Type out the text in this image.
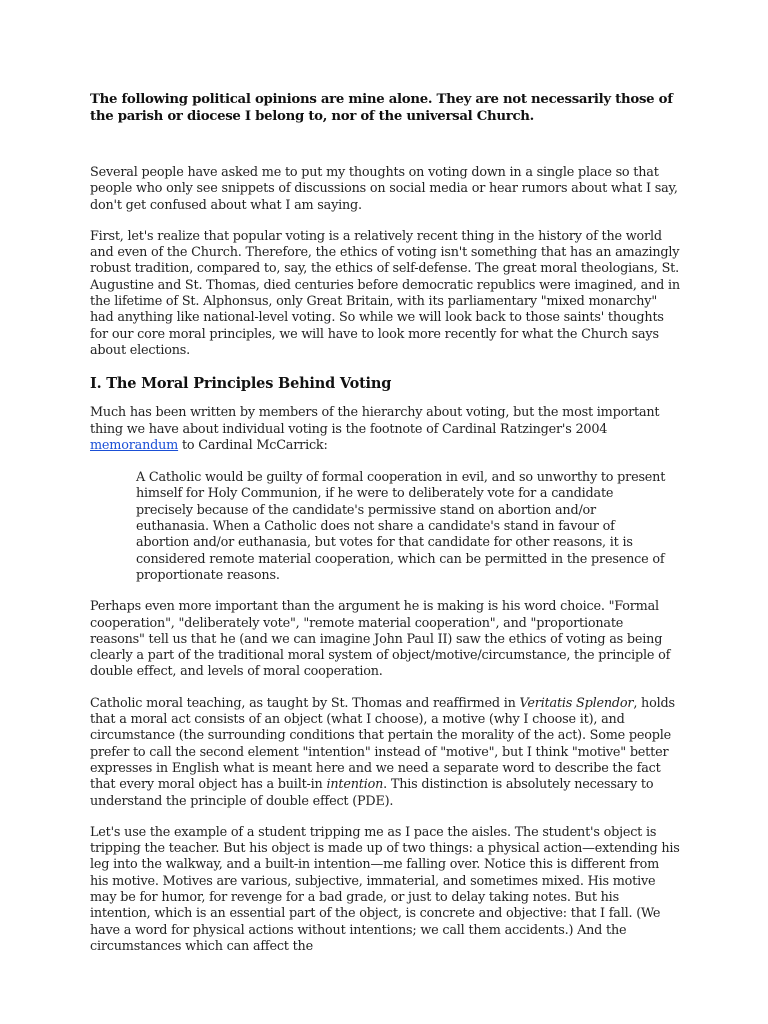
The following political opinions are mine alone. They are not necessarily those of the parish or diocese I belong to, nor of the universal Church.

Several people have asked me to put my thoughts on voting down in a single place so that people who only see snippets of discussions on social media or hear rumors about what I say, don't get confused about what I am saying.

First, let's realize that popular voting is a relatively recent thing in the history of the world and even of the Church. Therefore, the ethics of voting isn't something that has an amazingly robust tradition, compared to, say, the ethics of self-defense. The great moral theologians, St. Augustine and St. Thomas, died centuries before democratic republics were imagined, and in the lifetime of St. Alphonsus, only Great Britain, with its parliamentary "mixed monarchy" had anything like national-level voting. So while we will look back to those saints' thoughts for our core moral principles, we will have to look more recently for what the Church says about elections.

I. The Moral Principles Behind Voting

Much has been written by members of the hierarchy about voting, but the most important thing we have about individual voting is the footnote of Cardinal Ratzinger's 2004 memorandum to Cardinal McCarrick:

A Catholic would be guilty of formal cooperation in evil, and so unworthy to present himself for Holy Communion, if he were to deliberately vote for a candidate precisely because of the candidate's permissive stand on abortion and/or euthanasia. When a Catholic does not share a candidate's stand in favour of abortion and/or euthanasia, but votes for that candidate for other reasons, it is considered remote material cooperation, which can be permitted in the presence of proportionate reasons.

Perhaps even more important than the argument he is making is his word choice. "Formal cooperation", "deliberately vote", "remote material cooperation", and "proportionate reasons" tell us that he (and we can imagine John Paul II) saw the ethics of voting as being clearly a part of the traditional moral system of object/motive/circumstance, the principle of double effect, and levels of moral cooperation.

Catholic moral teaching, as taught by St. Thomas and reaffirmed in Veritatis Splendor, holds that a moral act consists of an object (what I choose), a motive (why I choose it), and circumstance (the surrounding conditions that pertain the morality of the act). Some people prefer to call the second element "intention" instead of "motive", but I think "motive" better expresses in English what is meant here and we need a separate word to describe the fact that every moral object has a built-in intention. This distinction is absolutely necessary to understand the principle of double effect (PDE).

Let's use the example of a student tripping me as I pace the aisles. The student's object is tripping the teacher. But his object is made up of two things: a physical action—extending his leg into the walkway, and a built-in intention—me falling over. Notice this is different from his motive. Motives are various, subjective, immaterial, and sometimes mixed. His motive may be for humor, for revenge for a bad grade, or just to delay taking notes. But his intention, which is an essential part of the object, is concrete and objective: that I fall. (We have a word for physical actions without intentions; we call them accidents.) And the circumstances which can affect the
